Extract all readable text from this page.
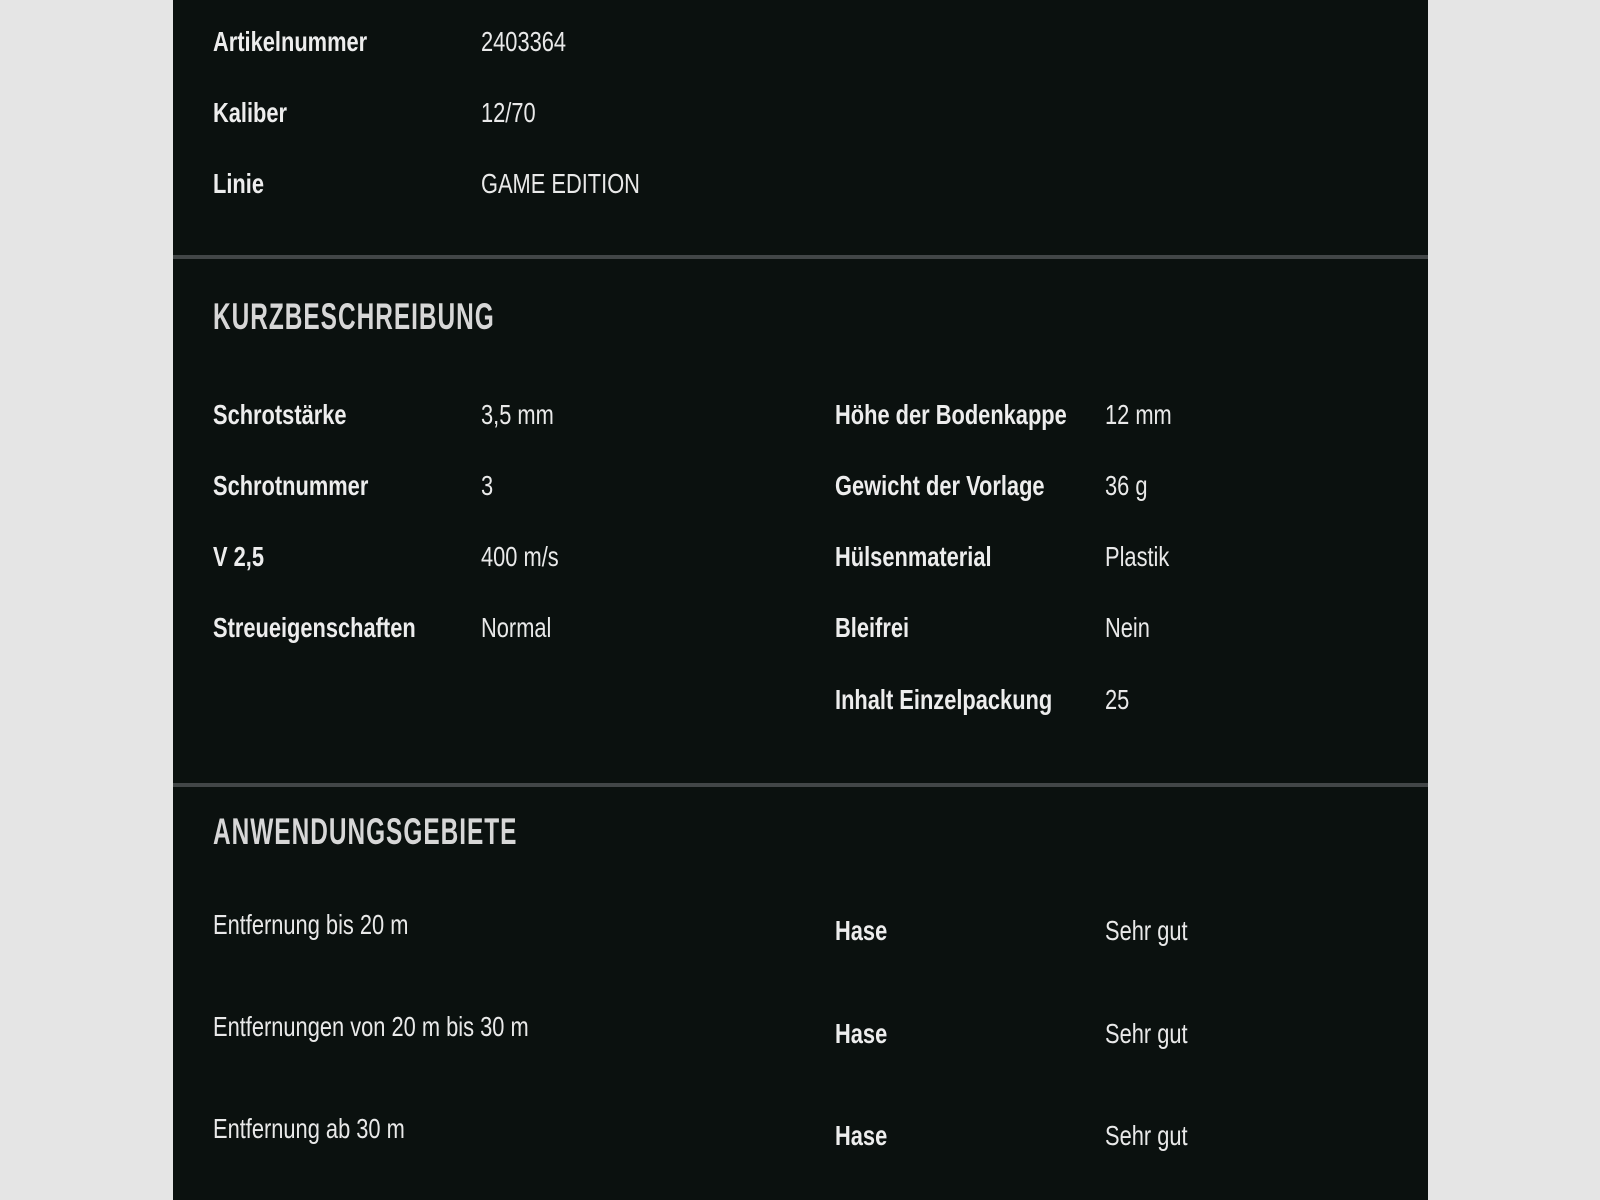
Artikelnummer	2403364
Kaliber	12/70
Linie	GAME EDITION
KURZBESCHREIBUNG
Schrotstärke	3,5 mm
Schrotnummer	3
V 2,5	400 m/s
Streueigenschaften Normal
Höhe der Bodenkappe 12 mm
Gewicht der Vorlage 36 g
Hülsenmaterial	Plastik
Bleifrei	Nein
Inhalt Einzelpackung 25
ANWENDUNGSGEBIETE
Entfernung bis 20 m	Hase	Sehr gut
Entfernungen von 20 m bis 30 m	Hase	Sehr gut
Entfernung ab 30 m	Hase	Sehr gut
